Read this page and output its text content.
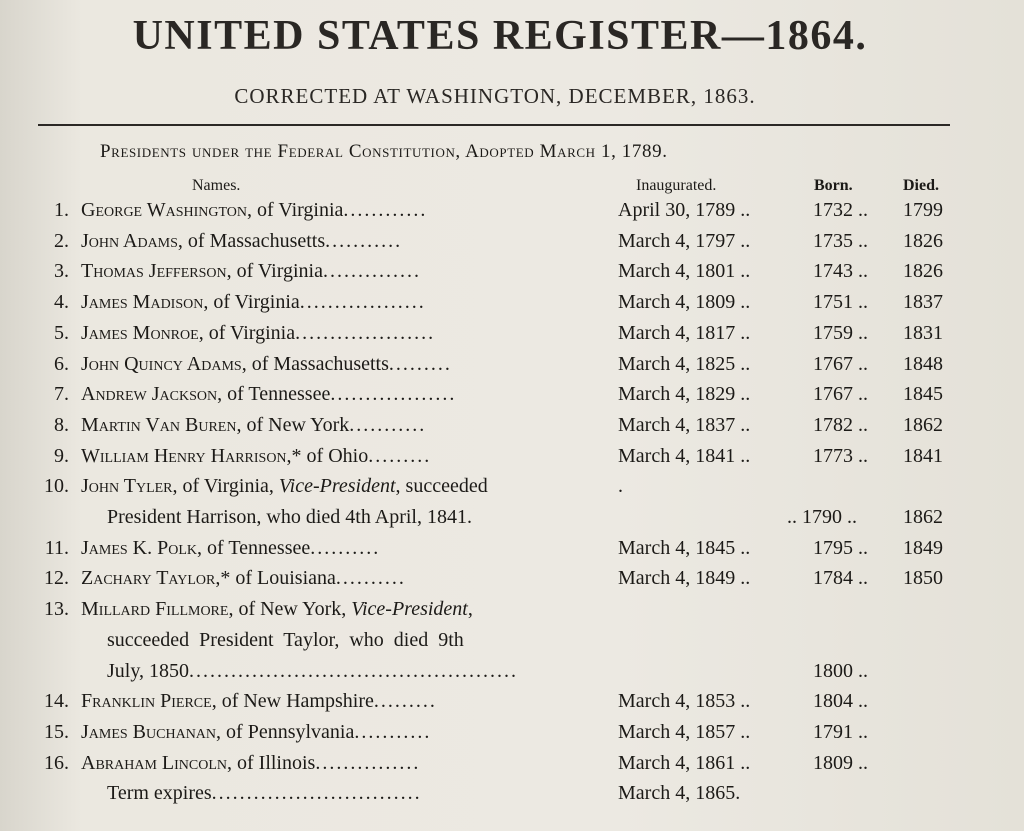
UNITED STATES REGISTER—1864.
CORRECTED AT WASHINGTON, DECEMBER, 1863.
Presidents under the Federal Constitution, Adopted March 1, 1789.
Names.	Inaugurated.	Born.	Died.
1. George Washington, of Virginia............	April 30, 1789 ..	1732 ..	1799
2. John Adams, of Massachusetts...........	March 4, 1797 ..	1735 ..	1826
3. Thomas Jefferson, of Virginia..............	March 4, 1801 ..	1743 ..	1826
4. James Madison, of Virginia..................	March 4, 1809 ..	1751 ..	1837
5. James Monroe, of Virginia....................	March 4, 1817 ..	1759 ..	1831
6. John Quincy Adams, of Massachusetts.........	March 4, 1825 ..	1767 ..	1848
7. Andrew Jackson, of Tennessee..................	March 4, 1829 ..	1767 ..	1845
8. Martin Van Buren, of New York...........	March 4, 1837 ..	1782 ..	1862
9. William Henry Harrison,* of Ohio.........	March 4, 1841 ..	1773 ..	1841
10. John Tyler, of Virginia, Vice-President, succeeded	.
President Harrison, who died 4th April, 1841.	.. 1790 ..	1862
11. James K. Polk, of Tennessee..........	March 4, 1845 ..	1795 ..	1849
12. Zachary Taylor,* of Louisiana..........	March 4, 1849 ..	1784 ..	1850
13. Millard Fillmore, of New York, Vice-President,
succeeded  President  Taylor,  who  died  9th
July, 1850...............................................	1800 ..
14. Franklin Pierce, of New Hampshire.........	March 4, 1853 ..	1804 ..
15. James Buchanan, of Pennsylvania...........	March 4, 1857 ..	1791 ..
16. Abraham Lincoln, of Illinois...............	March 4, 1861 ..	1809 ..
Term expires..............................	March 4, 1865.
